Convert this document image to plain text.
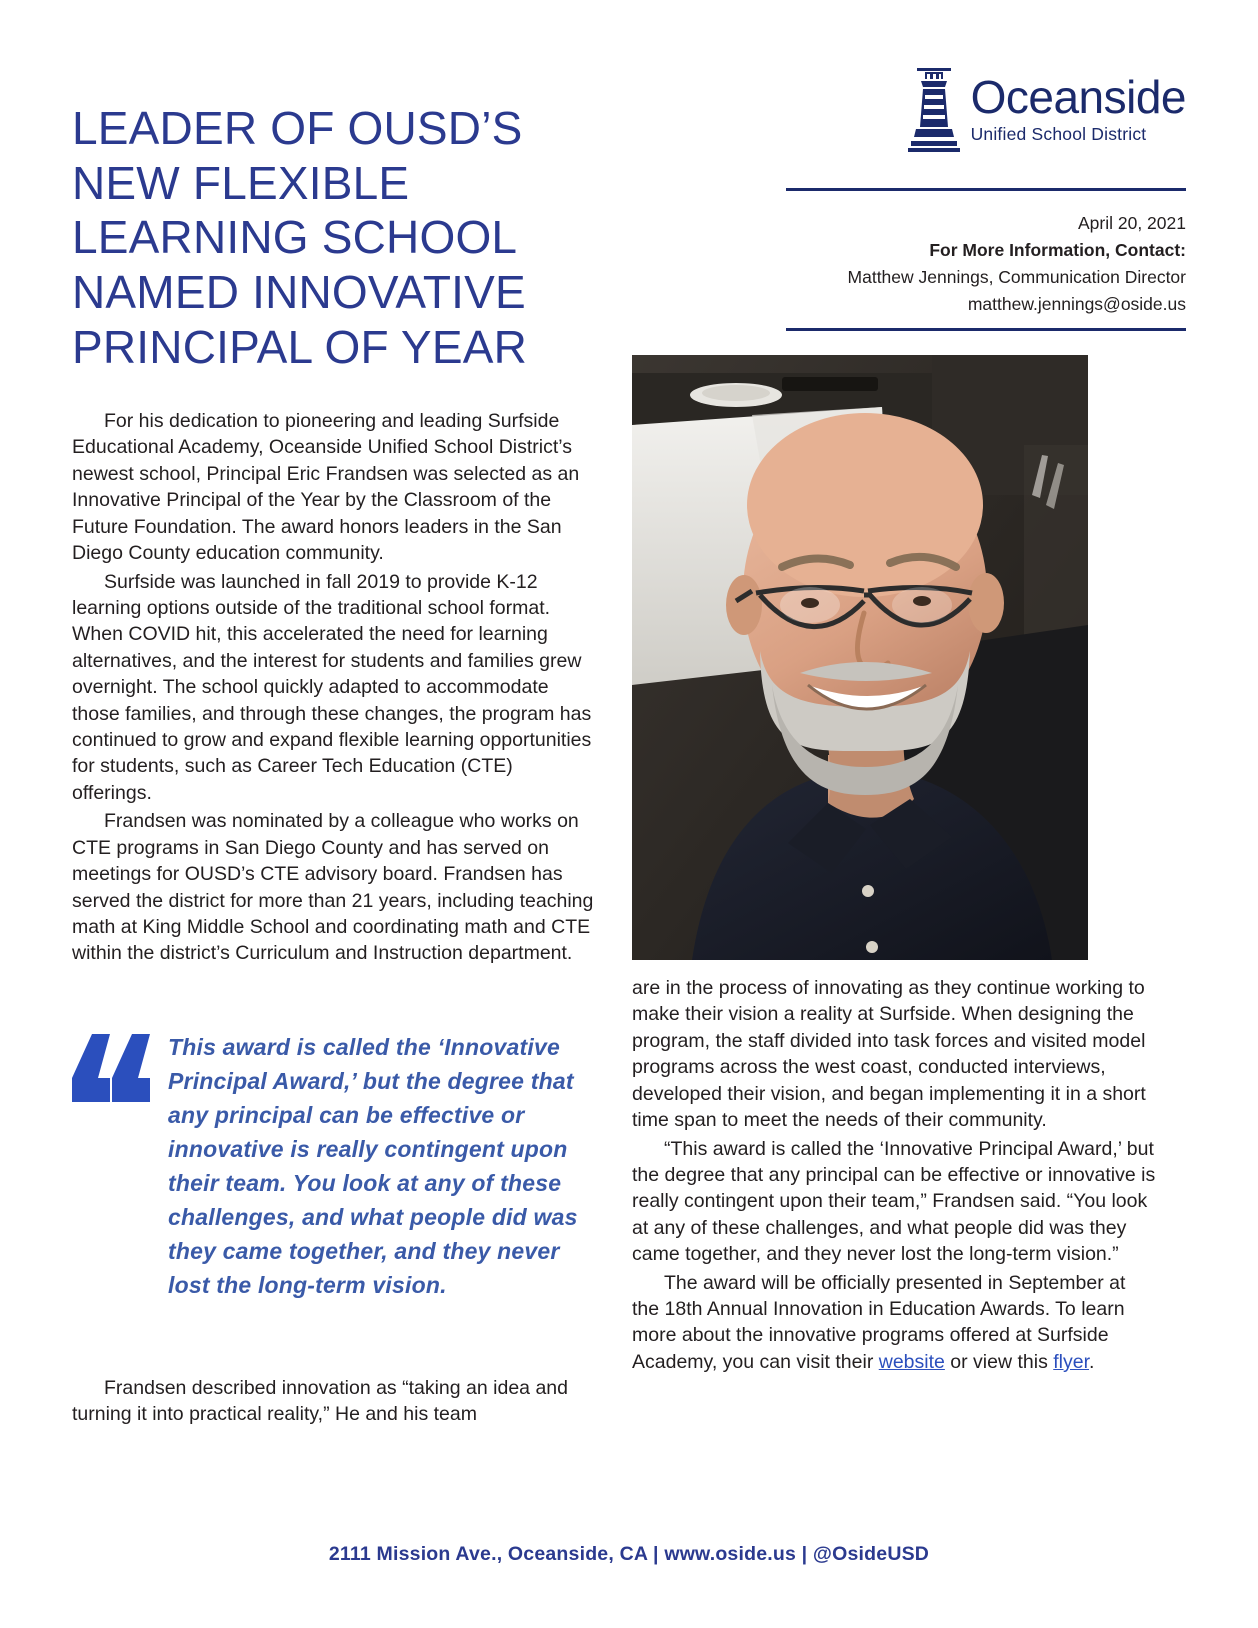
LEADER OF OUSD’S NEW FLEXIBLE LEARNING SCHOOL NAMED INNOVATIVE PRINCIPAL OF YEAR
Oceanside
Unified School District
April 20, 2021
For More Information, Contact:
Matthew Jennings, Communication Director
matthew.jennings@oside.us

For his dedication to pioneering and leading Surfside Educational Academy, Oceanside Unified School District’s newest school, Principal Eric Frandsen was selected as an Innovative Principal of the Year by the Classroom of the Future Foundation. The award honors leaders in the San Diego County education community.

Surfside was launched in fall 2019 to provide K-12 learning options outside of the traditional school format. When COVID hit, this accelerated the need for learning alternatives, and the interest for students and families grew overnight. The school quickly adapted to accommodate those families, and through these changes, the program has continued to grow and expand flexible learning opportunities for students, such as Career Tech Education (CTE) offerings.

Frandsen was nominated by a colleague who works on CTE programs in San Diego County and has served on meetings for OUSD’s CTE advisory board. Frandsen has served the district for more than 21 years, including teaching math at King Middle School and coordinating math and CTE within the district’s Curriculum and Instruction department.

This award is called the ‘Innovative Principal Award,’ but the degree that any principal can be effective or innovative is really contingent upon their team. You look at any of these challenges, and what people did was they came together, and they never lost the long-term vision.

Frandsen described innovation as “taking an idea and turning it into practical reality,” He and his team

are in the process of innovating as they continue working to make their vision a reality at Surfside. When designing the program, the staff divided into task forces and visited model programs across the west coast, conducted interviews, developed their vision, and began implementing it in a short time span to meet the needs of their community.

“This award is called the ‘Innovative Principal Award,’ but the degree that any principal can be effective or innovative is really contingent upon their team,” Frandsen said. “You look at any of these challenges, and what people did was they came together, and they never lost the long-term vision.”

The award will be officially presented in September at the 18th Annual Innovation in Education Awards. To learn more about the innovative programs offered at Surfside Academy, you can visit their website or view this flyer.

2111 Mission Ave., Oceanside, CA | www.oside.us | @OsideUSD
